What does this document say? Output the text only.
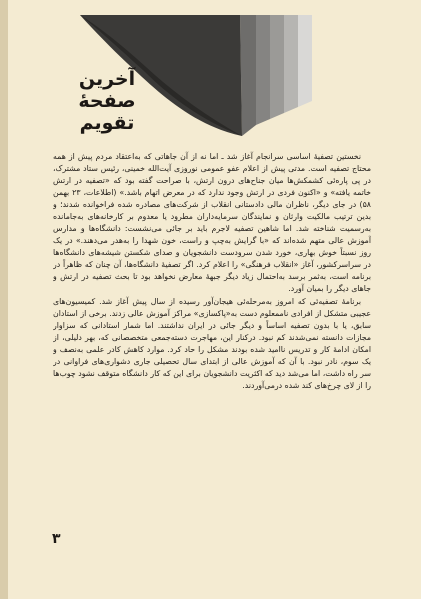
آخرین
صفحهٔ
تقویم

نخستین تصفیهٔ اساسی سرانجام آغاز شد ـ اما نه از آن جاهاتی که به‌اعتقاد مردم پیش از همه محتاج تصفیه است. مدتی پیش از اعلام عفو عمومی نوروزی آیت‌الله خمینی، رئیس ستاد مشترک، در پی پاره‌ئی کشمکش‌ها میان جناح‌های درون ارتش، با صراحت گفته بود که «تصفیه در ارتش خاتمه یافته» و «اکنون فردی در ارتش وجود ندارد که در معرض اتهام باشد.» (اطلاعات، ۲۳ بهمن ۵۸) در جای دیگر، ناظران مالی دادستانی انقلاب از شرکت‌های مصادره شده فراخوانده شدند؛ و بدین ترتیب مالکیت وارثان و نمایندگان سرمایه‌داران مطرود یا معدوم بر کارخانه‌های به‌جامانده به‌رسمیت شناخته شد. اما شاهین تصفیه لاجرم باید بر جائی می‌نشست: دانشگاه‌ها و مدارس آموزش عالی متهم شده‌اند که «با گرایش به‌چپ و راست، خون شهدا را به‌هدر می‌دهند.» در یک روز نسبتاً خوش بهاری، خورد شدن سرودست دانشجویان و صدای شکستن شیشه‌های دانشگاه‌ها در سراسرکشور، آغاز «انقلاب فرهنگی» را اعلام کرد. اگر تصفیهٔ دانشگاه‌ها، آن چنان که ظاهراً در برنامه است، به‌ثمر برسد به‌احتمال زیاد دیگر جبههٔ معارض نخواهد بود تا بحث تصفیه در ارتش و جاهای دیگر را بمیان آورد.

برنامهٔ تصفیه‌ئی که امروز به‌مرحله‌ئی هیجان‌آور رسیده از سال پیش آغاز شد. کمیسیون‌های عجیبی متشکل از افرادی ناممعلوم دست به«پاکسازی» مراکز آموزش عالی زدند. برخی از استادان سابق، یا با بدون تصفیه اساساً و دیگر جائی در ایران نداشتند. اما شمار استادانی که سزاوار مجازات دانسته نمی‌شدند کم نبود. درکنار این، مهاجرت دسته‌جمعی متخصصانی که، بهر دلیلی، از امکان ادامهٔ کار و تدریس ناامید شده بودند مشکل را حاد کرد. موارد کاهش کادر علمی به‌نصف و یک سوم، نادر نبود. با آن که آموزش عالی از ابتدای سال تحصیلی جاری دشواری‌های فراوانی در سر راه داشت، اما می‌شد دید که اکثریت دانشجویان برای این که کار دانشگاه متوقف نشود چوب‌ها را از لای چرخ‌های کند شده درمی‌آوردند.

۳
